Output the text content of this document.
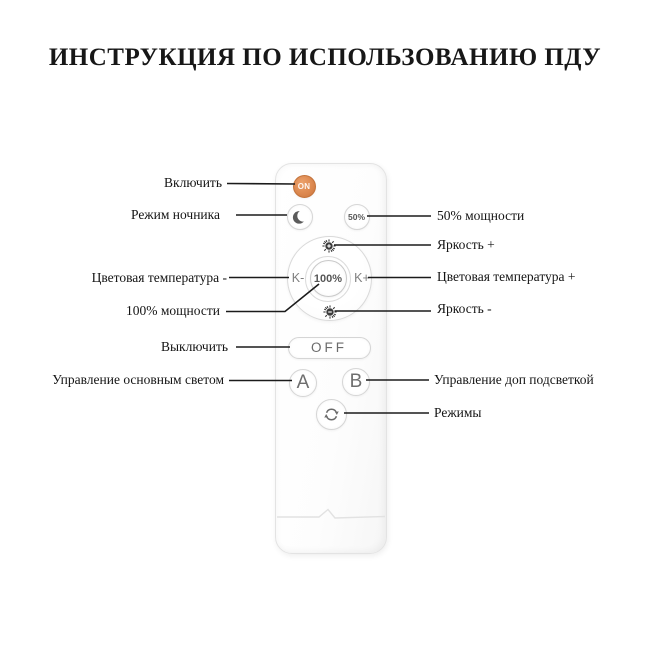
ИНСТРУКЦИЯ ПО ИСПОЛЬЗОВАНИЮ ПДУ
ON
50%
K- 100% K+
OFF
A	B
Включить
Режим ночника
Цветовая температура -
100% мощности
Выключить
Управление основным светом
50% мощности
Яркость +
Цветовая температура +
Яркость -
Управление доп подсветкой
Режимы
